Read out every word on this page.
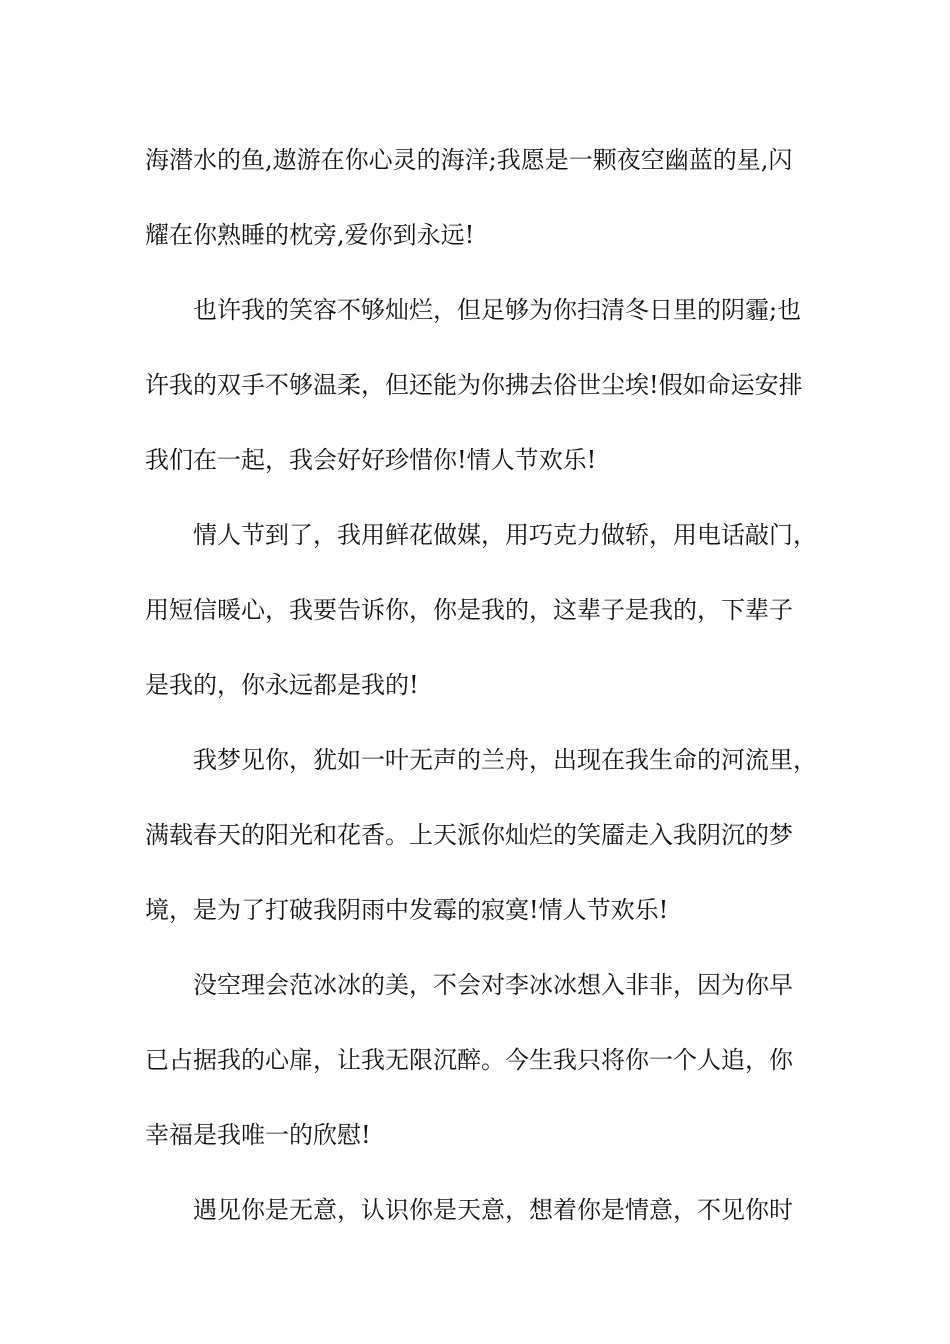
海潜水的鱼,遨游在你心灵的海洋;我愿是一颗夜空幽蓝的星,闪
耀在你熟睡的枕旁,爱你到永远!
也许我的笑容不够灿烂，但足够为你扫清冬日里的阴霾;也
许我的双手不够温柔，但还能为你拂去俗世尘埃!假如命运安排
我们在一起，我会好好珍惜你!情人节欢乐!
情人节到了，我用鲜花做媒，用巧克力做轿，用电话敲门，
用短信暖心，我要告诉你，你是我的，这辈子是我的，下辈子
是我的，你永远都是我的!
我梦见你，犹如一叶无声的兰舟，出现在我生命的河流里，
满载春天的阳光和花香。上天派你灿烂的笑靥走入我阴沉的梦
境，是为了打破我阴雨中发霉的寂寞!情人节欢乐!
没空理会范冰冰的美，不会对李冰冰想入非非，因为你早
已占据我的心扉，让我无限沉醉。今生我只将你一个人追，你
幸福是我唯一的欣慰!
遇见你是无意，认识你是天意，想着你是情意，不见你时
